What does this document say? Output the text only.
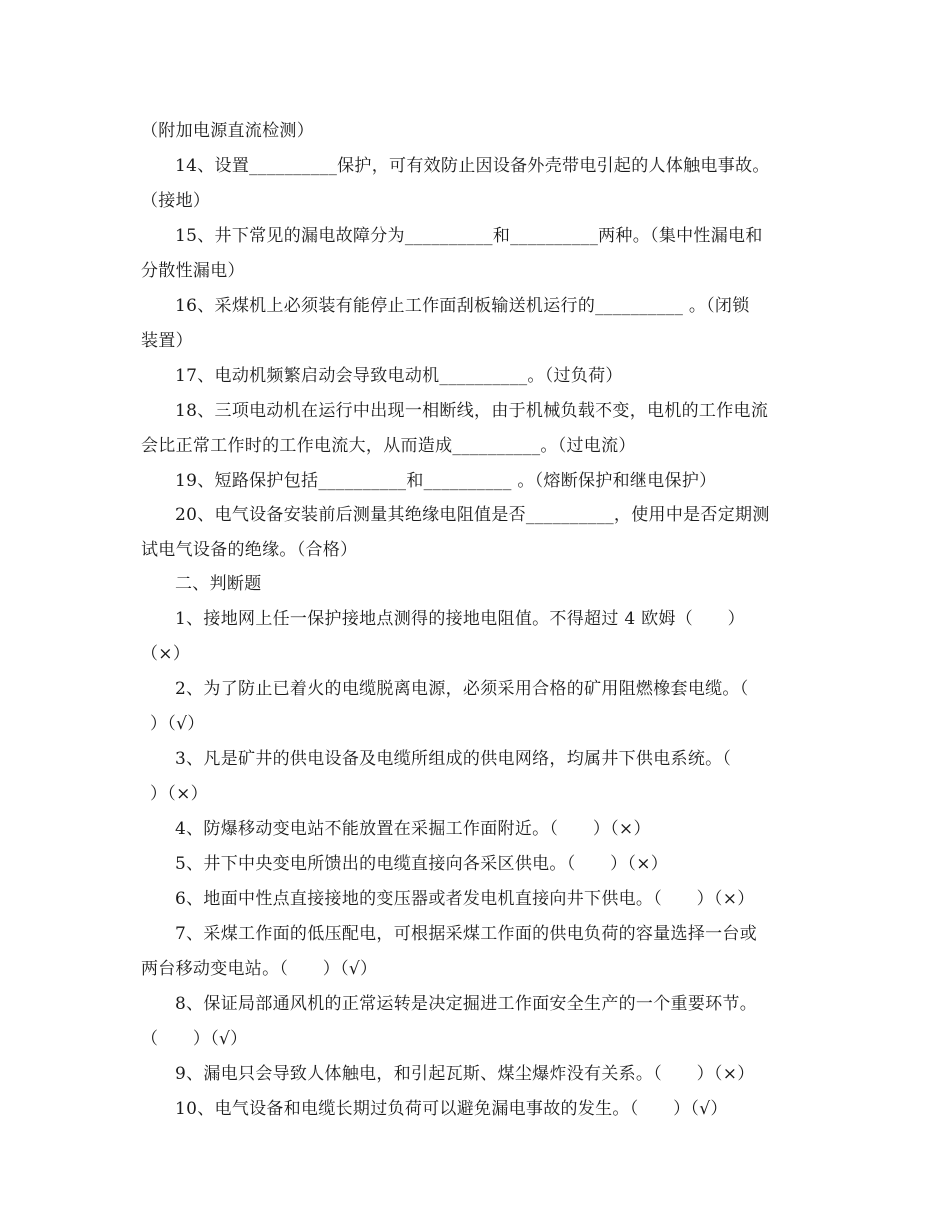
（附加电源直流检测）
14、设置__________保护，可有效防止因设备外壳带电引起的人体触电事故。
（接地）
15、井下常见的漏电故障分为__________和__________两种。（集中性漏电和
分散性漏电）
16、采煤机上必须装有能停止工作面刮板输送机运行的__________ 。（闭锁
装置）
17、电动机频繁启动会导致电动机__________。（过负荷）
18、三项电动机在运行中出现一相断线，由于机械负载不变，电机的工作电流
会比正常工作时的工作电流大，从而造成__________。（过电流）
19、短路保护包括__________和__________ 。（熔断保护和继电保护）
20、电气设备安装前后测量其绝缘电阻值是否__________，使用中是否定期测
试电气设备的绝缘。（合格）
二、判断题
1、接地网上任一保护接地点测得的接地电阻值。不得超过 4 欧姆（　　）
（×）
2、为了防止已着火的电缆脱离电源，必须采用合格的矿用阻燃橡套电缆。（
）（√）
3、凡是矿井的供电设备及电缆所组成的供电网络，均属井下供电系统。（
）（×）
4、防爆移动变电站不能放置在采掘工作面附近。（　　）（×）
5、井下中央变电所馈出的电缆直接向各采区供电。（　　）（×）
6、地面中性点直接接地的变压器或者发电机直接向井下供电。（　　）（×）
7、采煤工作面的低压配电，可根据采煤工作面的供电负荷的容量选择一台或
两台移动变电站。（　　）（√）
8、保证局部通风机的正常运转是决定掘进工作面安全生产的一个重要环节。
（　　）（√）
9、漏电只会导致人体触电，和引起瓦斯、煤尘爆炸没有关系。（　　）（×）
10、电气设备和电缆长期过负荷可以避免漏电事故的发生。（　　）（√）
